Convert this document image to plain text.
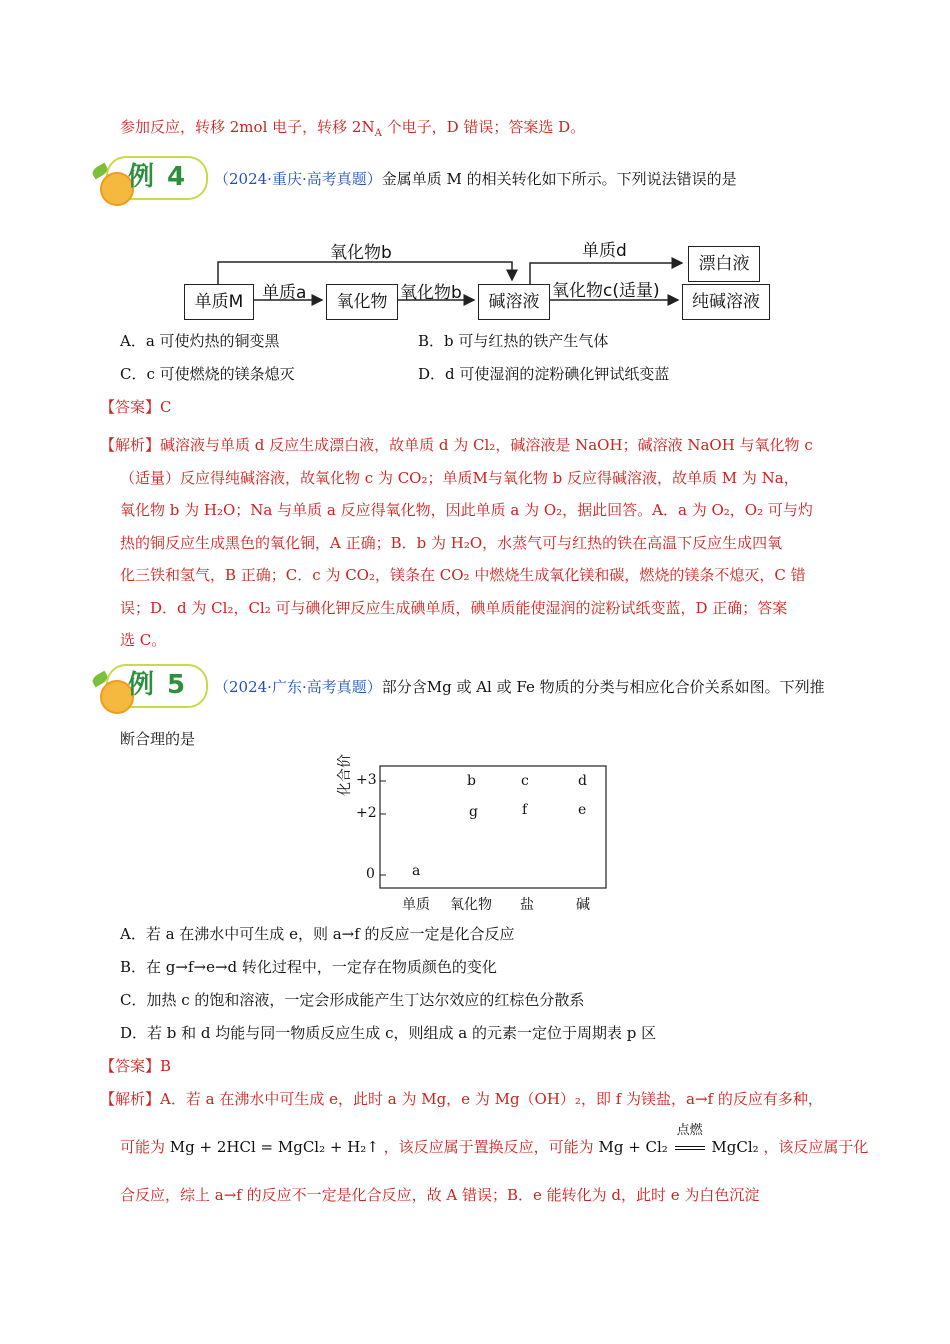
参加反应，转移 2mol 电子，转移 $2N_A$ 个电子，D 错误；答案选 D。
例 4 （2024·重庆·高考真题）金属单质 M 的相关转化如下所示。下列说法错误的是
单质M	氧化物	碱溶液
漂白液
纯碱溶液
单质a
氧化物b
氧化物b
单质d
氧化物c(适量)
A．a 可使灼热的铜变黑	B．b 可与红热的铁产生气体
C．c 可使燃烧的镁条熄灭	D．d 可使湿润的淀粉碘化钾试纸变蓝
【答案】C
【解析】碱溶液与单质 d 反应生成漂白液，故单质 d 为 Cl₂，碱溶液是 NaOH；碱溶液 NaOH 与氧化物 c
（适量）反应得纯碱溶液，故氧化物 c 为 CO₂；单质M与氧化物 b 反应得碱溶液，故单质 M 为 Na，
氧化物 b 为 H₂O；Na 与单质 a 反应得氧化物，因此单质 a 为 O₂，据此回答。A．a 为 O₂，O₂ 可与灼
热的铜反应生成黑色的氧化铜，A 正确；B．b 为 H₂O，水蒸气可与红热的铁在高温下反应生成四氧
化三铁和氢气，B 正确；C．c 为 CO₂，镁条在 CO₂ 中燃烧生成氧化镁和碳，燃烧的镁条不熄灭，C 错
误；D．d 为 Cl₂，Cl₂ 可与碘化钾反应生成碘单质，碘单质能使湿润的淀粉试纸变蓝，D 正确；答案
选 C。
例 5 （2024·广东·高考真题）部分含Mg 或 Al 或 Fe 物质的分类与相应化合价关系如图。下列推
断合理的是
化合价 +3
+2
0
单质 氧化物 盐	碱
a
b	c	d
g	f	e
A．若 a 在沸水中可生成 e，则 a→f 的反应一定是化合反应
B．在 g→f→e→d 转化过程中，一定存在物质颜色的变化
C．加热 c 的饱和溶液，一定会形成能产生丁达尔效应的红棕色分散系
D．若 b 和 d 均能与同一物质反应生成 c，则组成 a 的元素一定位于周期表 p 区
【答案】B
【解析】A．若 a 在沸水中可生成 e，此时 a 为 Mg，e 为 Mg（OH）₂，即 f 为镁盐，a→f 的反应有多种，
可能为 Mg + 2HCl = MgCl₂ + H₂↑ ，该反应属于置换反应，可能为 Mg + Cl₂
点燃
MgCl₂ ，该反应属于化
合反应，综上 a→f 的反应不一定是化合反应，故 A 错误；B．e 能转化为 d，此时 e 为白色沉淀
